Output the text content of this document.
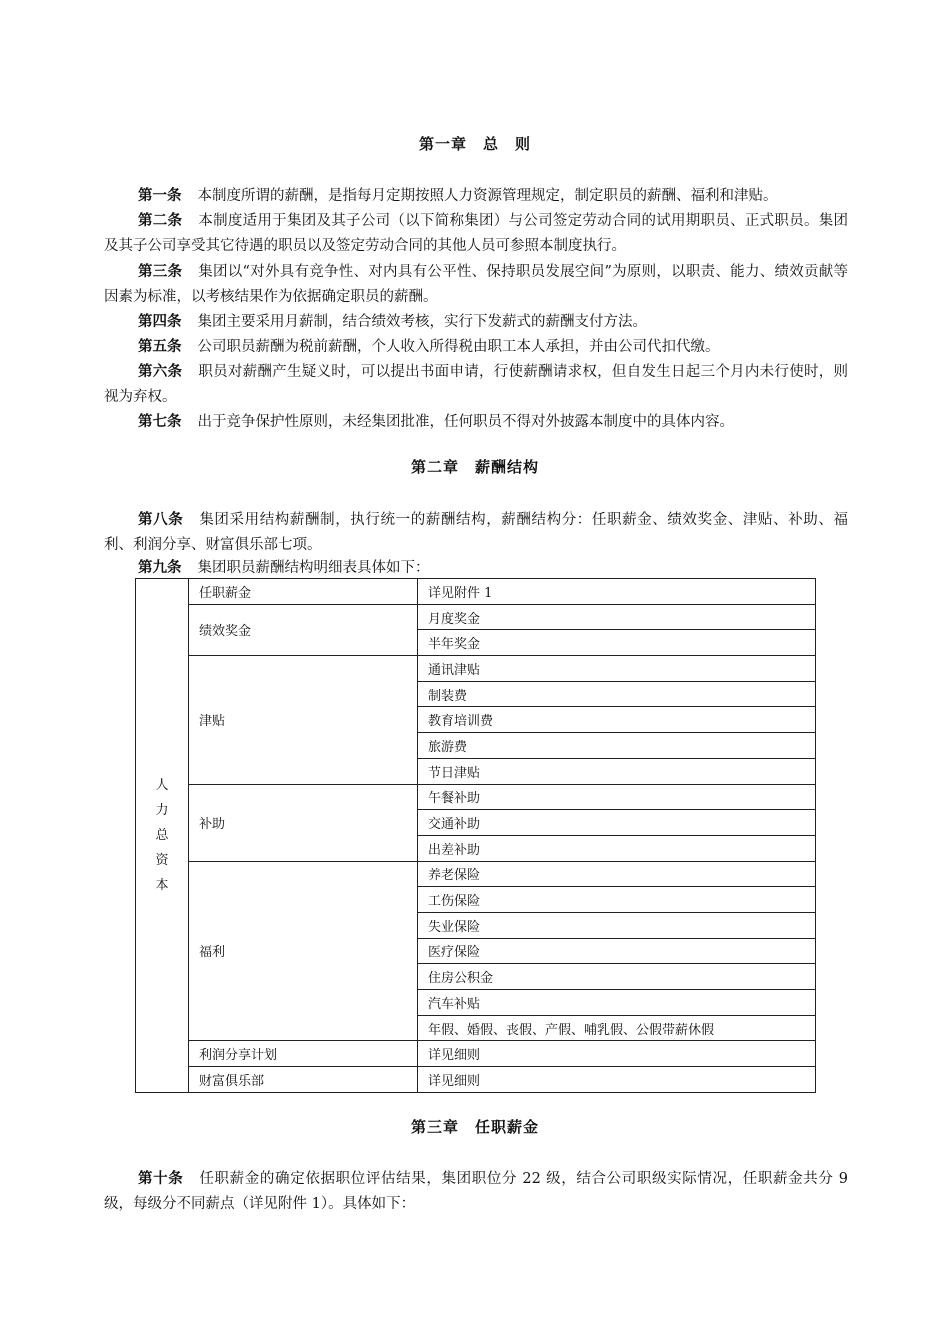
第一章　总　则

第一条 本制度所谓的薪酬，是指每月定期按照人力资源管理规定，制定职员的薪酬、福利和津贴。

第二条 本制度适用于集团及其子公司（以下简称集团）与公司签定劳动合同的试用期职员、正式职员。集团及其子公司享受其它待遇的职员以及签定劳动合同的其他人员可参照本制度执行。

第三条 集团以“对外具有竞争性、对内具有公平性、保持职员发展空间”为原则，以职责、能力、绩效贡献等因素为标准，以考核结果作为依据确定职员的薪酬。

第四条 集团主要采用月薪制，结合绩效考核，实行下发薪式的薪酬支付方法。

第五条 公司职员薪酬为税前薪酬，个人收入所得税由职工本人承担，并由公司代扣代缴。

第六条 职员对薪酬产生疑义时，可以提出书面申请，行使薪酬请求权，但自发生日起三个月内未行使时，则视为弃权。

第七条 出于竞争保护性原则，未经集团批准，任何职员不得对外披露本制度中的具体内容。

第二章　薪酬结构

第八条 集团采用结构薪酬制，执行统一的薪酬结构，薪酬结构分：任职薪金、绩效奖金、津贴、补助、福利、利润分享、财富俱乐部七项。

第九条 集团职员薪酬结构明细表具体如下：

人力总资本	任职薪金	详见附件 1
	绩效奖金	月度奖金
		半年奖金
	津贴	通讯津贴
		制装费
		教育培训费
		旅游费
		节日津贴
	补助	午餐补助
		交通补助
		出差补助
	福利	养老保险
		工伤保险
		失业保险
		医疗保险
		住房公积金
		汽车补贴
		年假、婚假、丧假、产假、哺乳假、公假带薪休假
	利润分享计划	详见细则
	财富俱乐部	详见细则
第三章　任职薪金

第十条 任职薪金的确定依据职位评估结果，集团职位分 22 级，结合公司职级实际情况，任职薪金共分 9 级，每级分不同薪点（详见附件 1）。具体如下：
